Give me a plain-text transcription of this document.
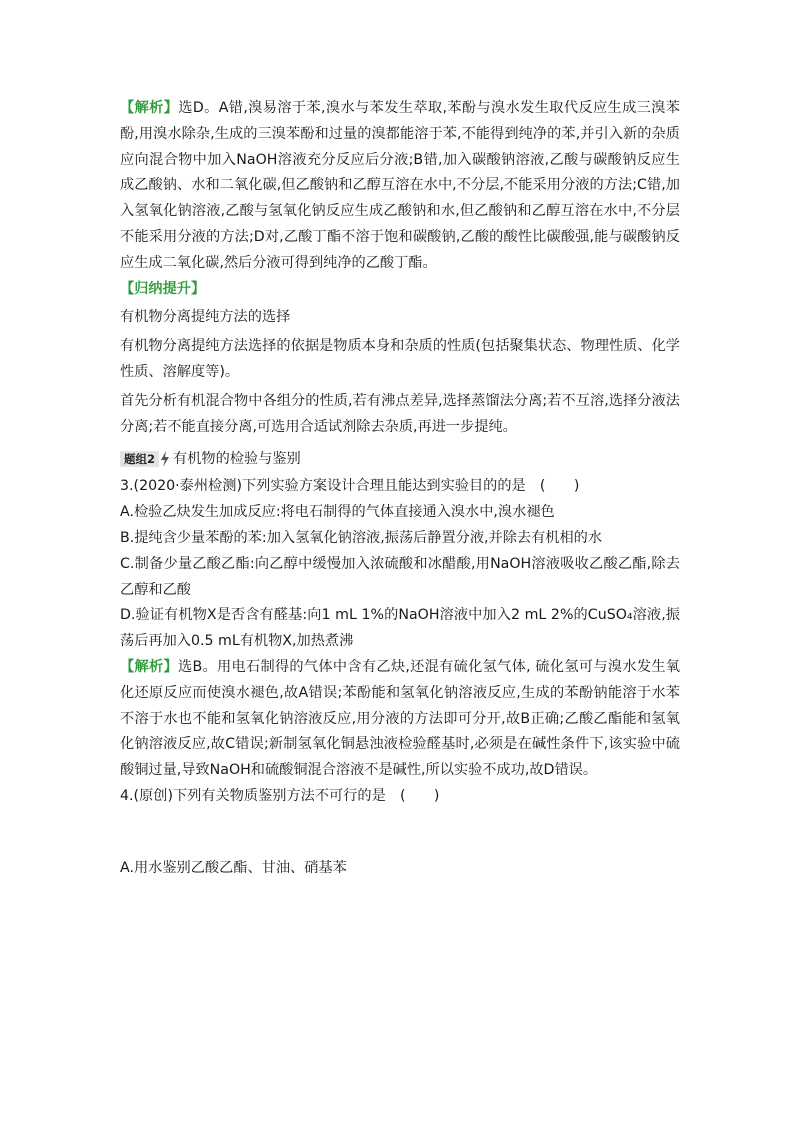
【解析】选D。A错,溴易溶于苯,溴水与苯发生萃取,苯酚与溴水发生取代反应生成三溴苯酚,用溴水除杂,生成的三溴苯酚和过量的溴都能溶于苯,不能得到纯净的苯,并引入新的杂质应向混合物中加入NaOH溶液充分反应后分液;B错,加入碳酸钠溶液,乙酸与碳酸钠反应生成乙酸钠、水和二氧化碳,但乙酸钠和乙醇互溶在水中,不分层,不能采用分液的方法;C错,加入氢氧化钠溶液,乙酸与氢氧化钠反应生成乙酸钠和水,但乙酸钠和乙醇互溶在水中,不分层不能采用分液的方法;D对,乙酸丁酯不溶于饱和碳酸钠,乙酸的酸性比碳酸强,能与碳酸钠反应生成二氧化碳,然后分液可得到纯净的乙酸丁酯。

【归纳提升】

有机物分离提纯方法的选择

有机物分离提纯方法选择的依据是物质本身和杂质的性质(包括聚集状态、物理性质、化学性质、溶解度等)。

首先分析有机混合物中各组分的性质,若有沸点差异,选择蒸馏法分离;若不互溶,选择分液法分离;若不能直接分离,可选用合适试剂除去杂质,再进一步提纯。

题组2 有机物的检验与鉴别

3.(2020·泰州检测)下列实验方案设计合理且能达到实验目的的是　(　　)

A.检验乙炔发生加成反应:将电石制得的气体直接通入溴水中,溴水褪色

B.提纯含少量苯酚的苯:加入氢氧化钠溶液,振荡后静置分液,并除去有机相的水

C.制备少量乙酸乙酯:向乙醇中缓慢加入浓硫酸和冰醋酸,用NaOH溶液吸收乙酸乙酯,除去乙醇和乙酸

D.验证有机物X是否含有醛基:向1 mL 1%的NaOH溶液中加入2 mL 2%的CuSO₄溶液,振荡后再加入0.5 mL有机物X,加热煮沸

【解析】选B。用电石制得的气体中含有乙炔,还混有硫化氢气体, 硫化氢可与溴水发生氧化还原反应而使溴水褪色,故A错误;苯酚能和氢氧化钠溶液反应,生成的苯酚钠能溶于水苯不溶于水也不能和氢氧化钠溶液反应,用分液的方法即可分开,故B正确;乙酸乙酯能和氢氧化钠溶液反应,故C错误;新制氢氧化铜悬浊液检验醛基时,必须是在碱性条件下,该实验中硫酸铜过量,导致NaOH和硫酸铜混合溶液不是碱性,所以实验不成功,故D错误。

4.(原创)下列有关物质鉴别方法不可行的是　(　　)

A.用水鉴别乙酸乙酯、甘油、硝基苯
